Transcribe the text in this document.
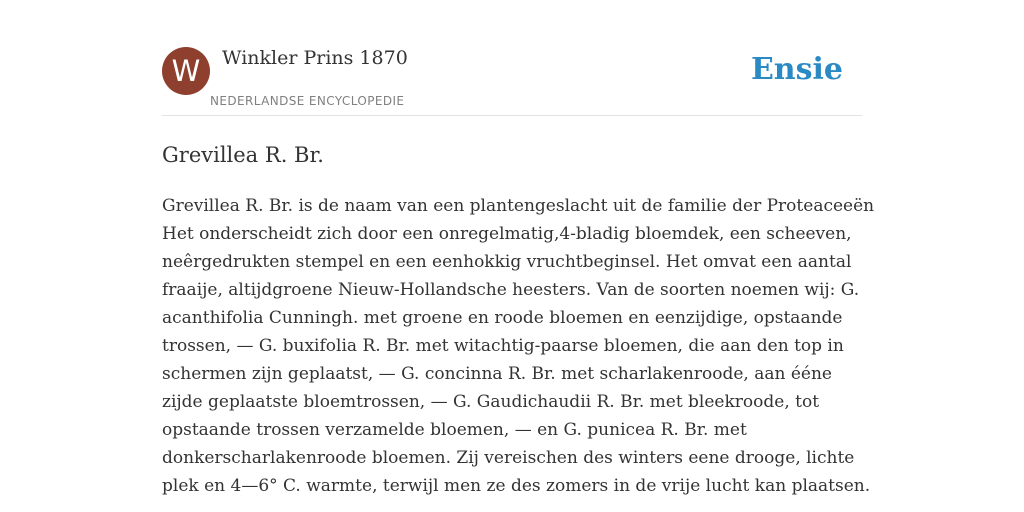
W	Winkler Prins 1870
NEDERLANDSE ENCYCLOPEDIE
Ensie
Grevillea R. Br.
Grevillea R. Br. is de naam van een plantengeslacht uit de familie der Proteaceeën
Het onderscheidt zich door een onregelmatig,4-bladig bloemdek, een scheeven,
neêrgedrukten stempel en een eenhokkig vruchtbeginsel. Het omvat een aantal
fraaije, altijdgroene Nieuw-Hollandsche heesters. Van de soorten noemen wij: G.
acanthifolia Cunningh. met groene en roode bloemen en eenzijdige, opstaande
trossen, — G. buxifolia R. Br. met witachtig-paarse bloemen, die aan den top in
schermen zijn geplaatst, — G. concinna R. Br. met scharlakenroode, aan ééne
zijde geplaatste bloemtrossen, — G. Gaudichaudii R. Br. met bleekroode, tot
opstaande trossen verzamelde bloemen, — en G. punicea R. Br. met
donkerscharlakenroode bloemen. Zij vereischen des winters eene drooge, lichte
plek en 4—6° C. warmte, terwijl men ze des zomers in de vrije lucht kan plaatsen.
